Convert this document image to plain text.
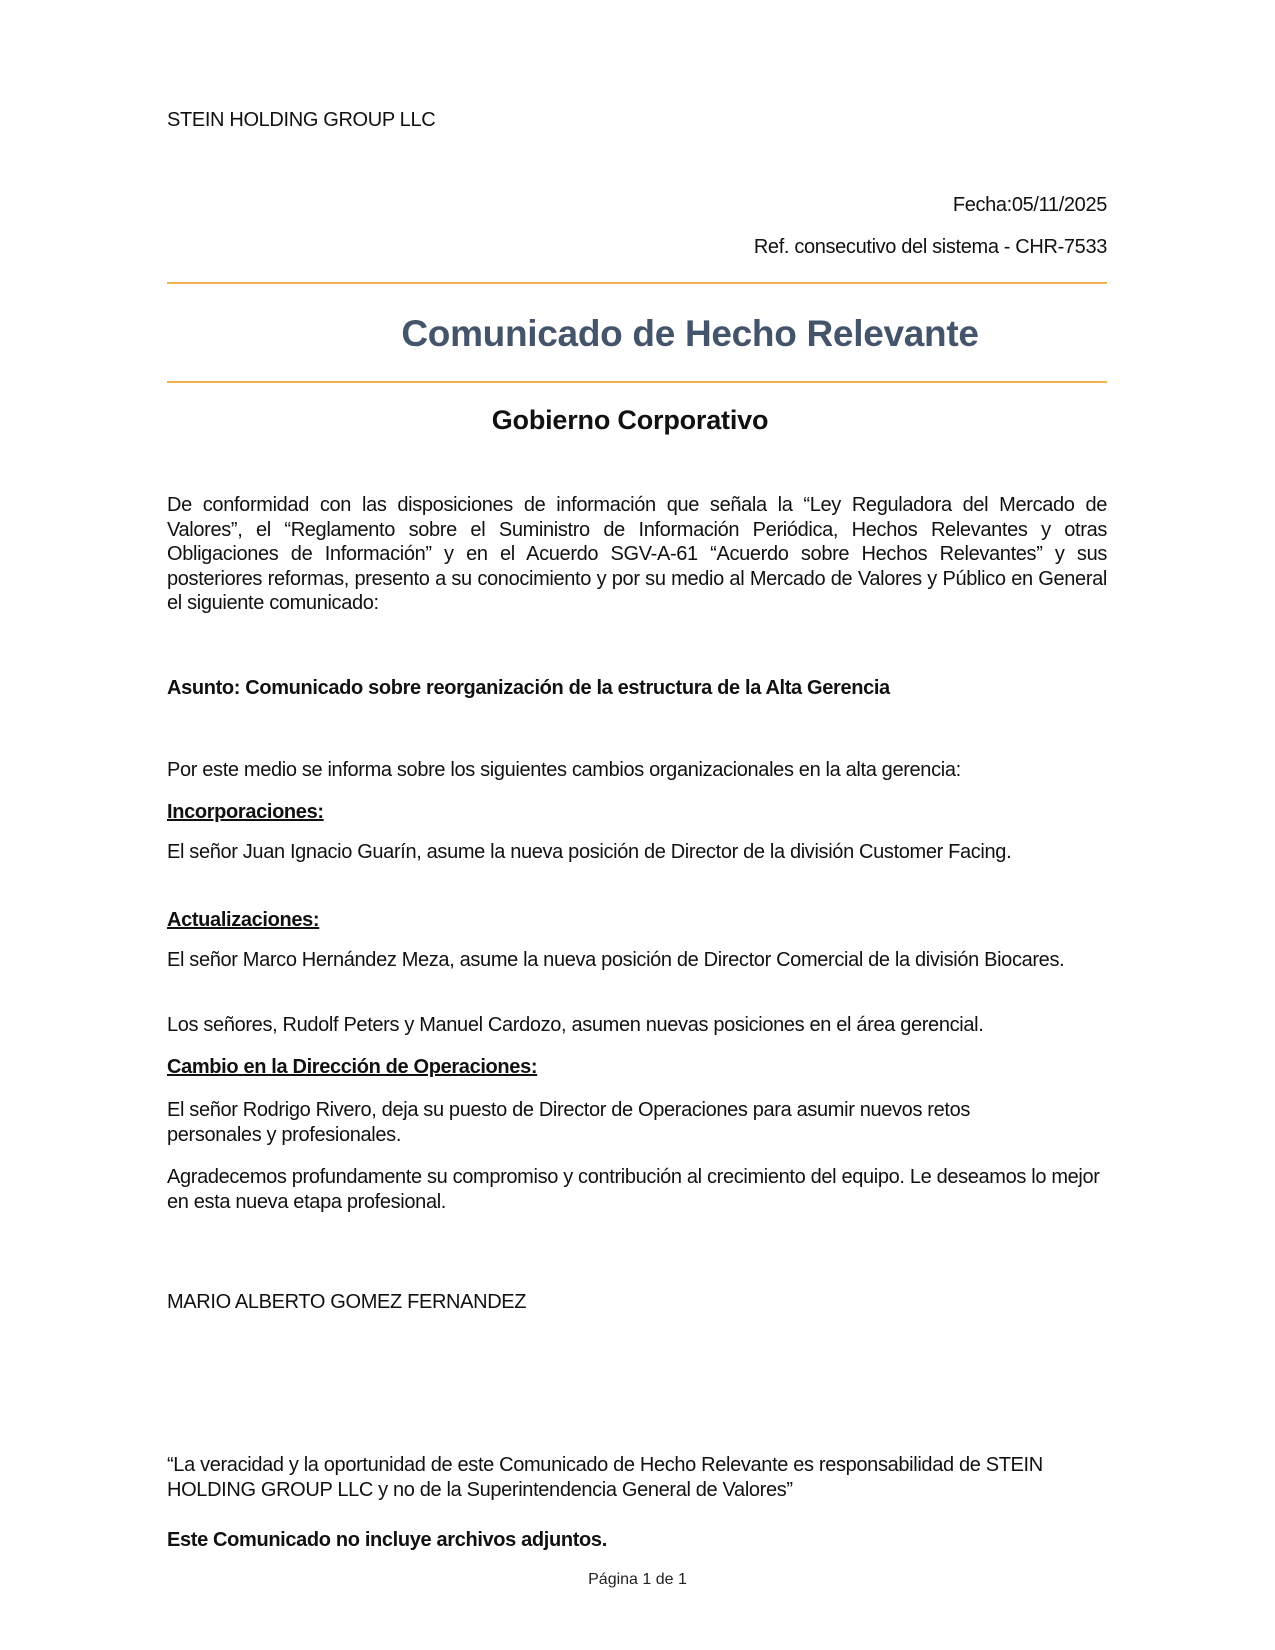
STEIN HOLDING GROUP LLC

Fecha:05/11/2025

Ref. consecutivo del sistema - CHR-7533

Comunicado de Hecho Relevante
Gobierno Corporativo

De conformidad con las disposiciones de información que señala la “Ley Reguladora del Mercado de Valores”, el “Reglamento sobre el Suministro de Información Periódica, Hechos Relevantes y otras Obligaciones de Información” y en el Acuerdo SGV-A-61 “Acuerdo sobre Hechos Relevantes” y sus posteriores reformas, presento a su conocimiento y por su medio al Mercado de Valores y Público en General el siguiente comunicado:

Asunto: Comunicado sobre reorganización de la estructura de la Alta Gerencia

Por este medio se informa sobre los siguientes cambios organizacionales en la alta gerencia:

Incorporaciones:

El señor Juan Ignacio Guarín, asume la nueva posición de Director de la división Customer Facing.

Actualizaciones:

El señor Marco Hernández Meza, asume la nueva posición de Director Comercial de la división Biocares.

Los señores, Rudolf Peters y Manuel Cardozo, asumen nuevas posiciones en el área gerencial.

Cambio en la Dirección de Operaciones:

El señor Rodrigo Rivero, deja su puesto de Director de Operaciones para asumir nuevos retos personales y profesionales.

Agradecemos profundamente su compromiso y contribución al crecimiento del equipo. Le deseamos lo mejor en esta nueva etapa profesional.

MARIO ALBERTO GOMEZ FERNANDEZ

“La veracidad y la oportunidad de este Comunicado de Hecho Relevante es responsabilidad de STEIN HOLDING GROUP LLC y no de la Superintendencia General de Valores”

Este Comunicado no incluye archivos adjuntos.

Página 1 de 1
